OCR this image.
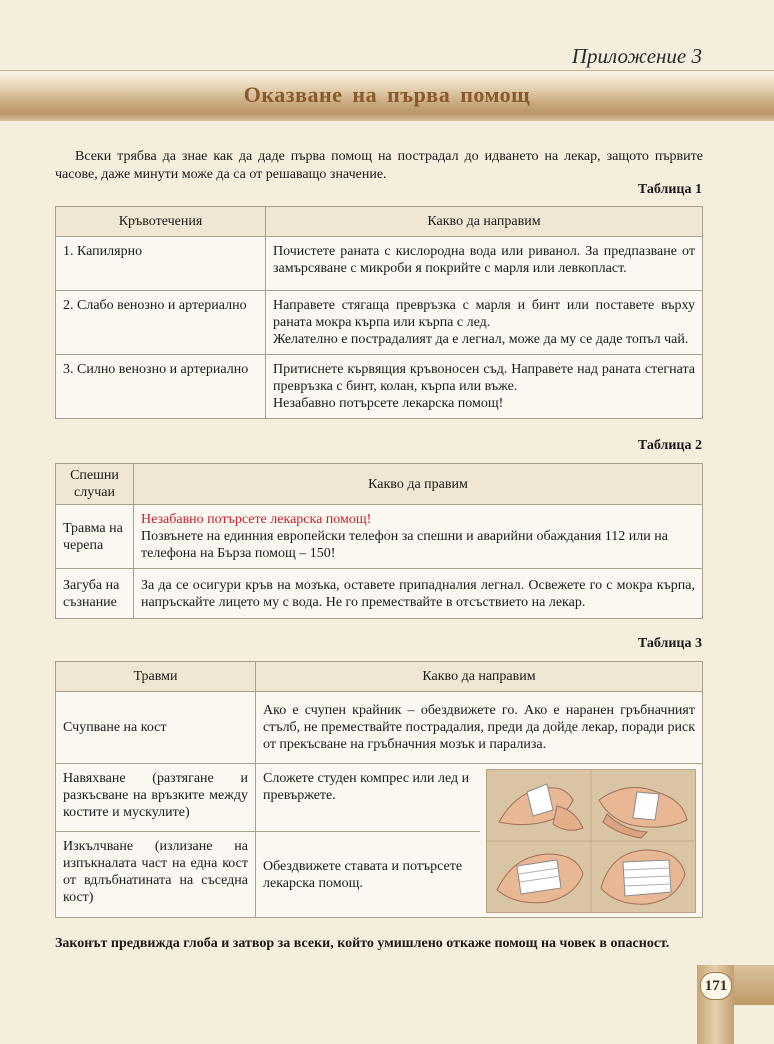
Приложение 3
Оказване на първа помощ

Всеки трябва да знае как да даде първа помощ на пострадал до идването на лекар, защото първите часове, даже минути може да са от решаващо значение.

Таблица 1
Кръвотечения	Какво да направим
1. Капилярно	Почистете раната с кислородна вода или риванол. За предпазване от замърсяване с микроби я покрийте с марля или левкопласт.

2. Слабо венозно и артериално	Направете стягаща превръзка с марля и бинт или поставете върху раната мокра кърпа или кърпа с лед.
Желателно е пострадалият да е легнал, може да му се даде топъл чай.

3. Силно венозно и артериално	Притиснете кървящия кръвоносен съд. Направете над раната стегната превръзка с бинт, колан, кърпа или въже.
Незабавно потърсете лекарска помощ!
Таблица 2
Спешни случаи	Какво да правим
Травма на черепа	Незабавно потърсете лекарска помощ!
Позвънете на единния европейски телефон за спешни и аварийни обаждания 112 или на телефона на Бърза помощ – 150!

Загуба на съзнание	За да се осигури кръв на мозъка, оставете припадналия легнал. Освежете го с мокра кърпа, напръскайте лицето му с вода. Не го премествайте в отсъствието на лекар.
Таблица 3
Травми	Какво да направим	
Счупване на кост	Ако е счупен крайник – обездвижете го. Ако е наранен гръбначният стълб, не премествайте пострадалия, преди да дойде лекар, поради риск от прекъсване на гръбначния мозък и парализа.	
Навяхване (разтягане и разкъсване на връзките между костите и мускулите)	Сложете студен компрес или лед и превържете.	

Изкълчване (излизане на изпъкналата част на една кост от вдлъбнатината на съседна кост)	Обездвижете ставата и потърсете лекарска помощ.	
Законът предвижда глоба и затвор за всеки, който умишлено откаже помощ на човек в опасност.
171
